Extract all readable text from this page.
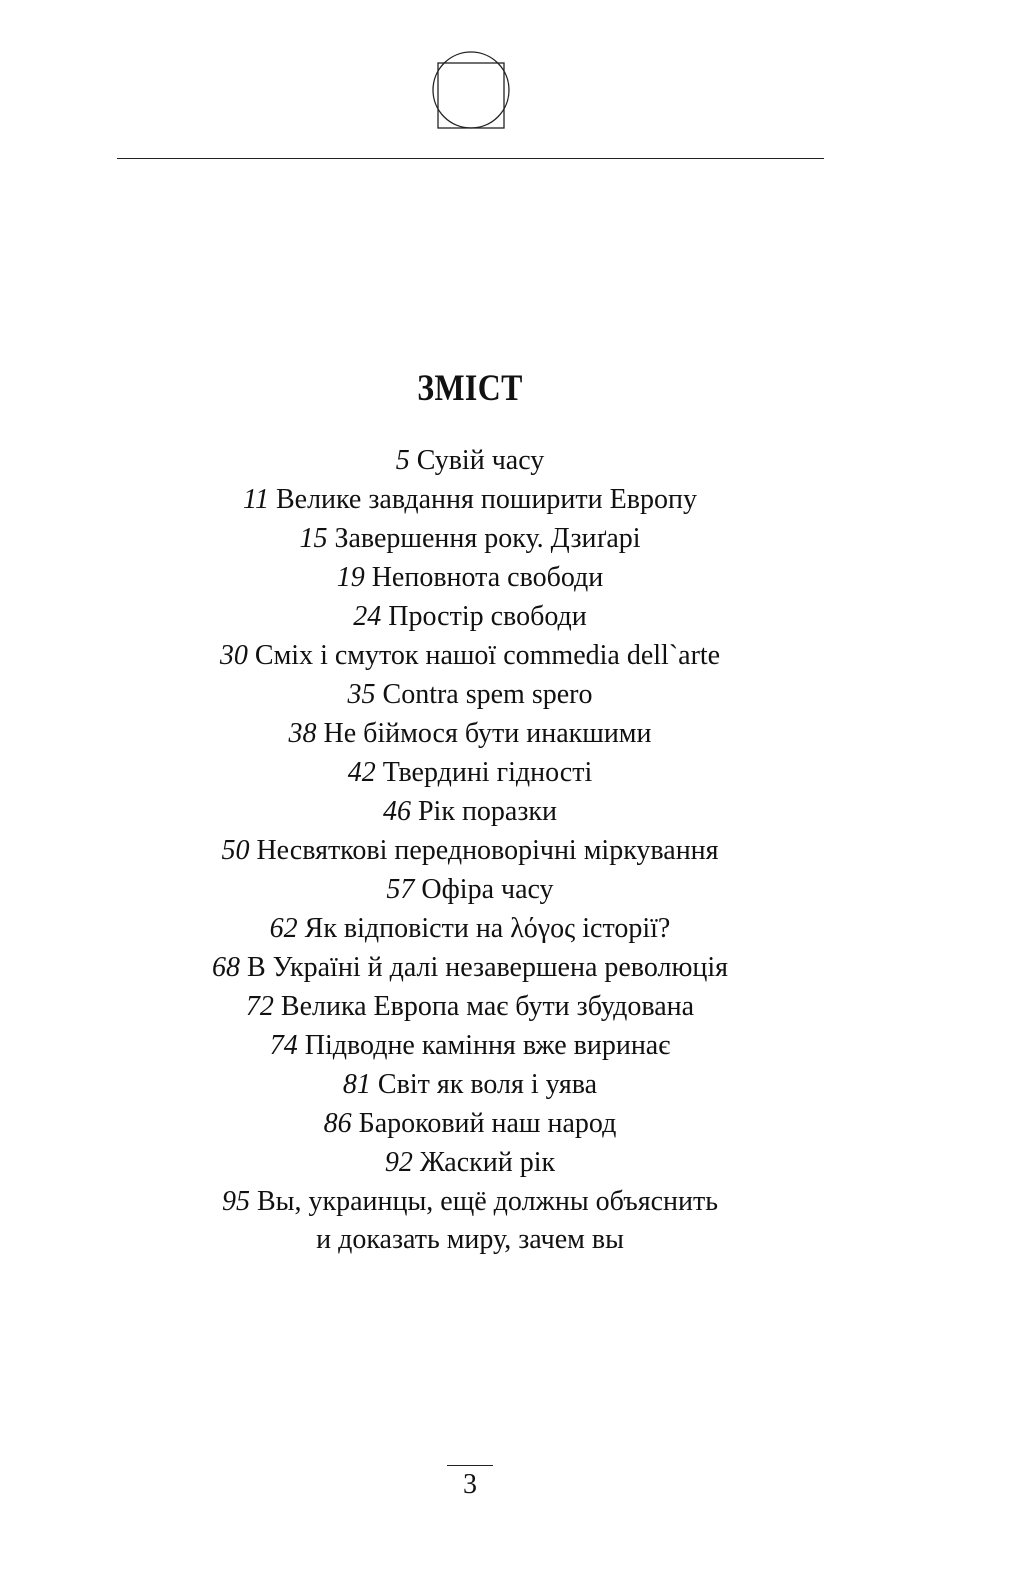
ЗМІСТ
5 Сувій часу
11 Велике завдання поширити Европу
15 Завершення року. Дзиґарі
19 Неповнота свободи
24 Простір свободи
30 Сміх і смуток нашої commedia dell`arte
35 Contra spem spero
38 Не біймося бути инакшими
42 Твердині гідності
46 Рік поразки
50 Несвяткові передноворічні міркування
57 Офіра часу
62 Як відповісти на λόγος історії?
68 В Україні й далі незавершена революція
72 Велика Европа має бути збудована
74 Підводне каміння вже виринає
81 Світ як воля і уява
86 Бароковий наш народ
92 Жаский рік
95 Вы, украинцы, ещё должны объяснить
и доказать миру, зачем вы
3
